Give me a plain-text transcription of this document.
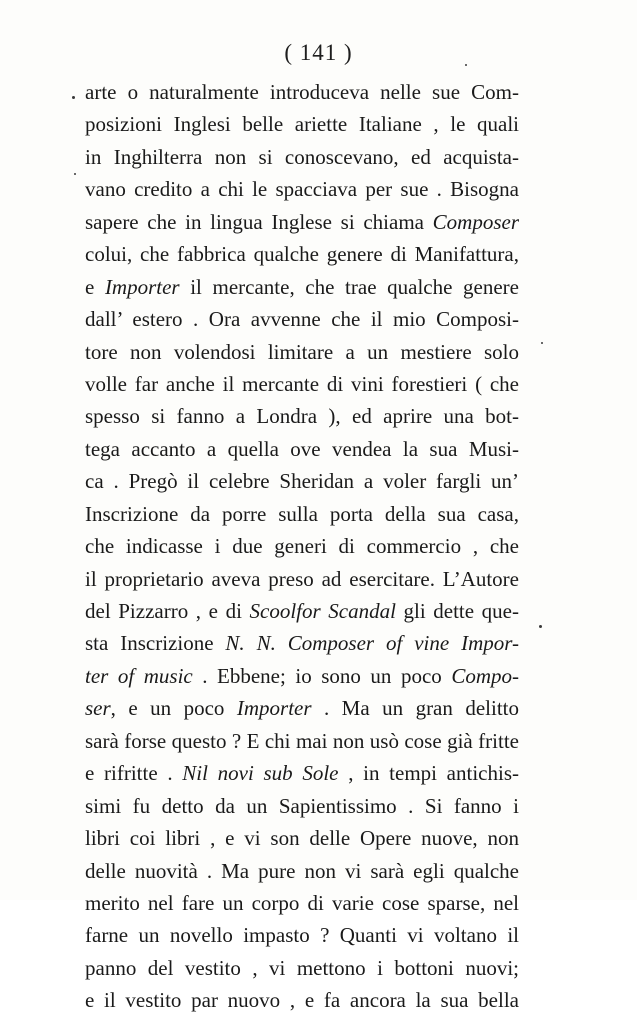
( 141 )
arte o naturalmente introduceva nelle sue Com-
posizioni Inglesi belle ariette Italiane , le quali
in Inghilterra non si conoscevano, ed acquista-
vano credito a chi le spacciava per sue . Bisogna
sapere che in lingua Inglese si chiama Composer
colui, che fabbrica qualche genere di Manifattura,
e Importer il mercante, che trae qualche genere
dall’ estero . Ora avvenne che il mio Composi-
tore non volendosi limitare a un mestiere solo
volle far anche il mercante di vini forestieri ( che
spesso si fanno a Londra ), ed aprire una bot-
tega accanto a quella ove vendea la sua Musi-
ca . Pregò il celebre Sheridan a voler fargli un’
Inscrizione da porre sulla porta della sua casa,
che indicasse i due generi di commercio , che
il proprietario aveva preso ad esercitare. L’Autore
del Pizzarro , e di Scoolfor Scandal gli dette que-
sta Inscrizione N. N. Composer of vine Impor-
ter of music . Ebbene; io sono un poco Compo-
ser, e un poco Importer . Ma un gran delitto
sarà forse questo ? E chi mai non usò cose già fritte
e rifritte . Nil novi sub Sole , in tempi antichis-
simi fu detto da un Sapientissimo . Si fanno i
libri coi libri , e vi son delle Opere nuove, non
delle nuovità . Ma pure non vi sarà egli qualche
merito nel fare un corpo di varie cose sparse, nel
farne un novello impasto ? Quanti vi voltano il
panno del vestito , vi mettono i bottoni nuovi;
e il vestito par nuovo , e fa ancora la sua bella
